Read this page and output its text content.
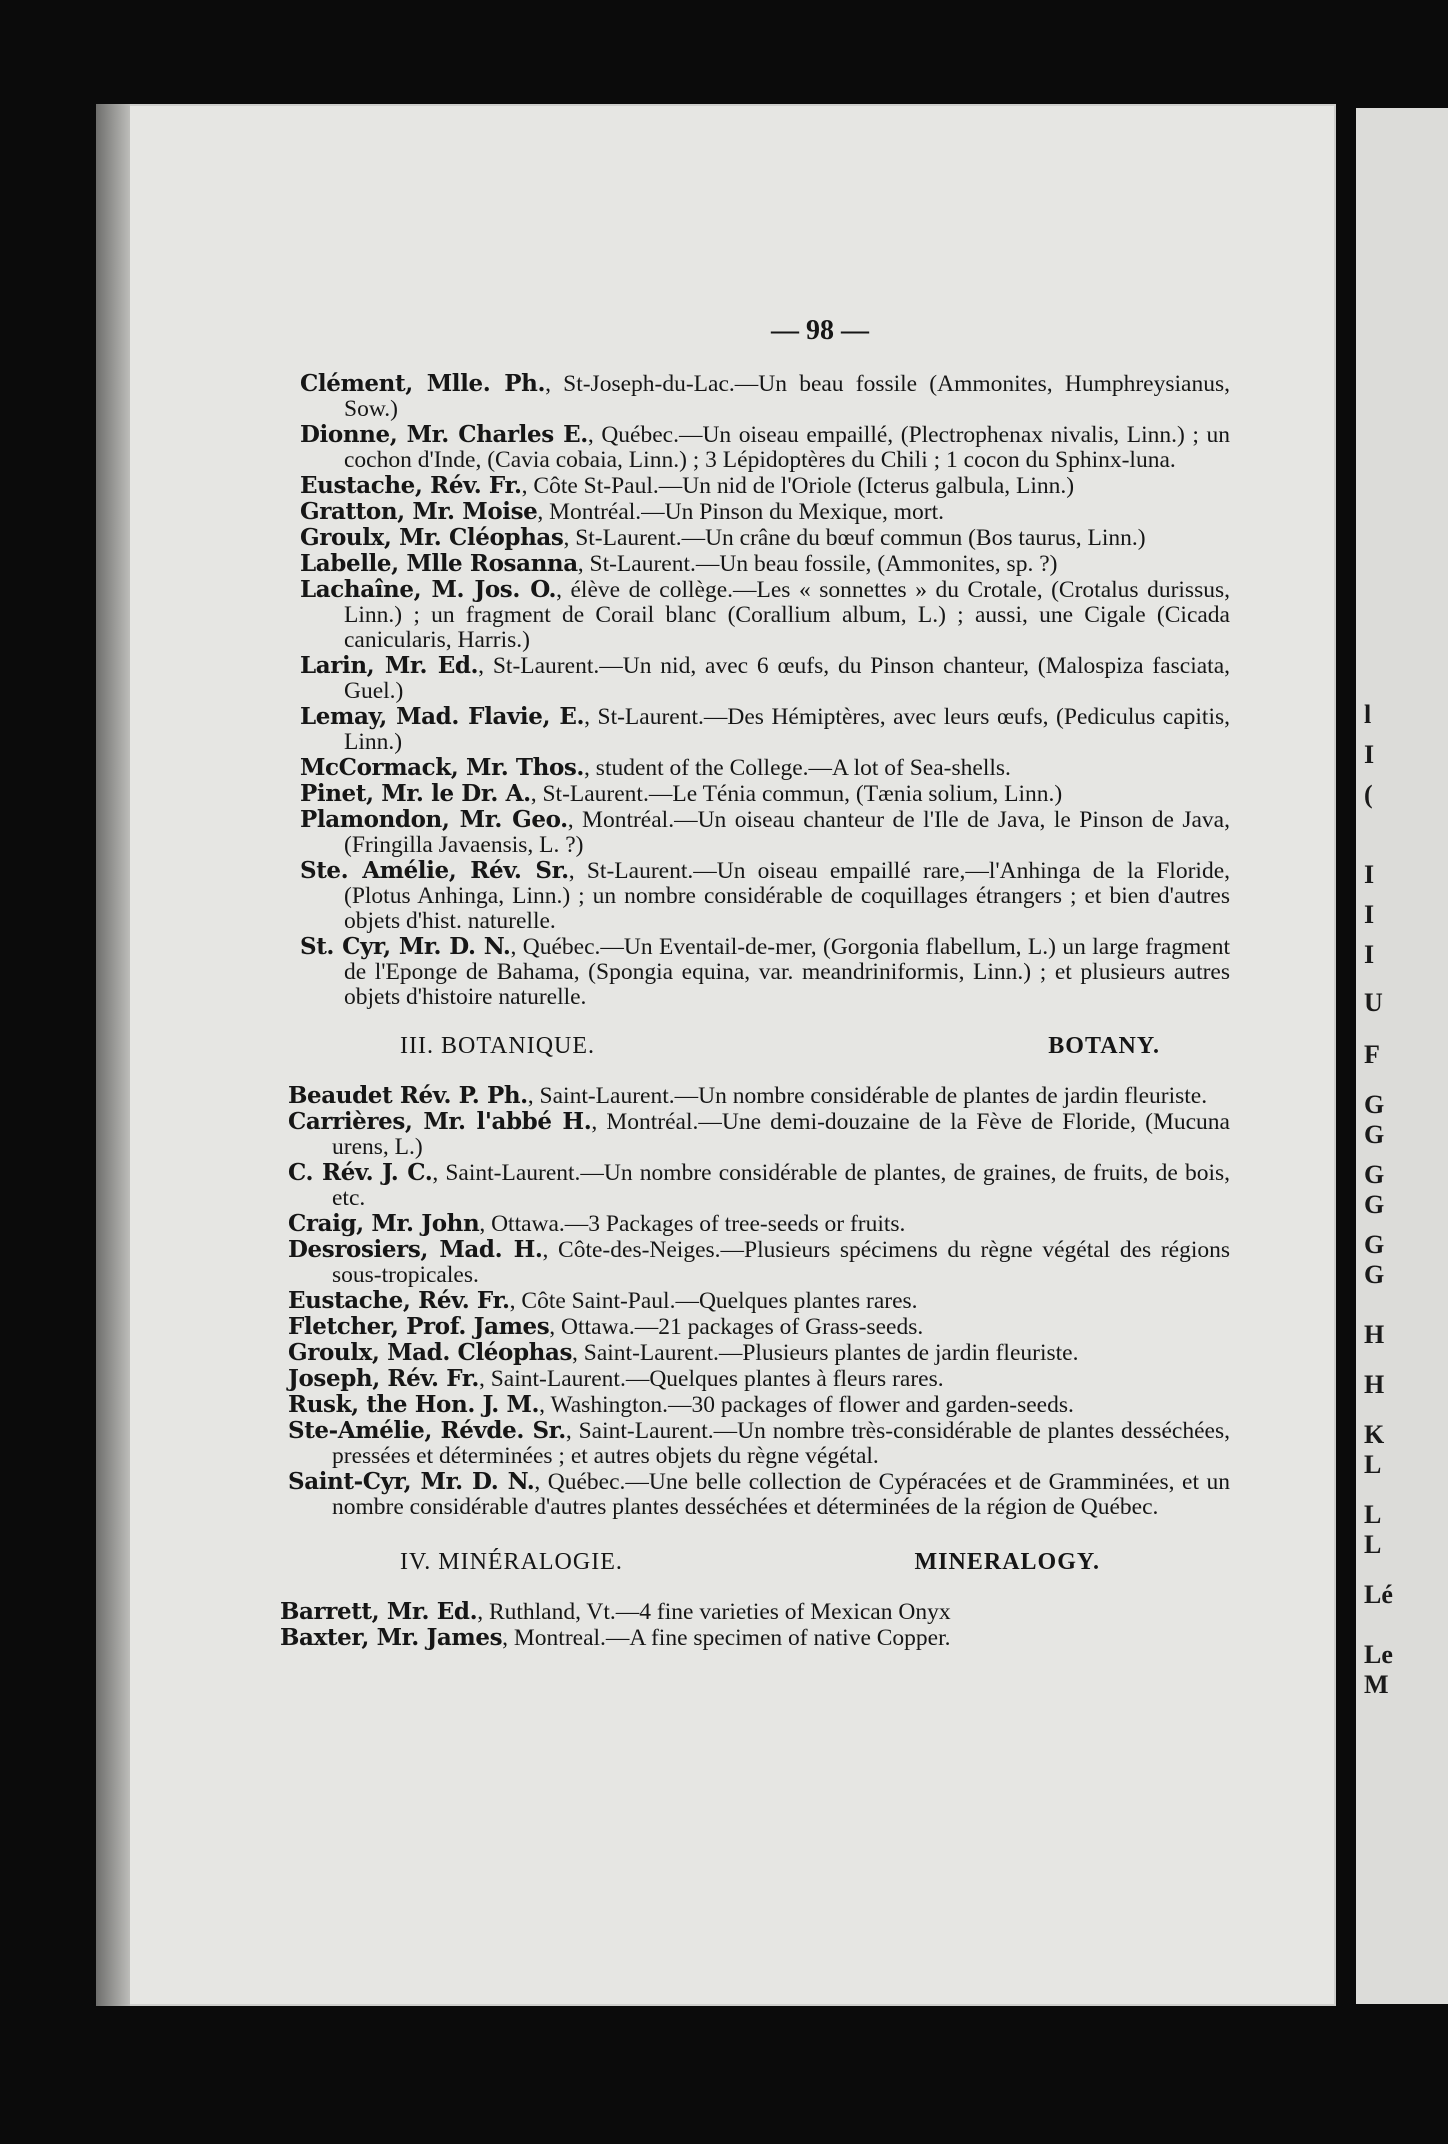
l
I
(
I
I
I
U
F
G
G
G
G
G
G
H
H
K
L
L
L
Lé
Le
M
— 98 —

Clément, Mlle. Ph., St-Joseph-du-Lac.—Un beau fossile (Ammonites, Humphreysianus, Sow.)

Dionne, Mr. Charles E., Québec.—Un oiseau empaillé, (Plectrophenax nivalis, Linn.) ; un cochon d'Inde, (Cavia cobaia, Linn.) ; 3 Lépidoptères du Chili ; 1 cocon du Sphinx-luna.

Eustache, Rév. Fr., Côte St-Paul.—Un nid de l'Oriole (Icterus galbula, Linn.)

Gratton, Mr. Moise, Montréal.—Un Pinson du Mexique, mort.

Groulx, Mr. Cléophas, St-Laurent.—Un crâne du bœuf commun (Bos taurus, Linn.)

Labelle, Mlle Rosanna, St-Laurent.—Un beau fossile, (Ammonites, sp. ?)

Lachaîne, M. Jos. O., élève de collège.—Les « sonnettes » du Crotale, (Crotalus durissus, Linn.) ; un fragment de Corail blanc (Corallium album, L.) ; aussi, une Cigale (Cicada canicularis, Harris.)

Larin, Mr. Ed., St-Laurent.—Un nid, avec 6 œufs, du Pinson chanteur, (Malospiza fasciata, Guel.)

Lemay, Mad. Flavie, E., St-Laurent.—Des Hémiptères, avec leurs œufs, (Pediculus capitis, Linn.)

McCormack, Mr. Thos., student of the College.—A lot of Sea-shells.

Pinet, Mr. le Dr. A., St-Laurent.—Le Ténia commun, (Tænia solium, Linn.)

Plamondon, Mr. Geo., Montréal.—Un oiseau chanteur de l'Ile de Java, le Pinson de Java, (Fringilla Javaensis, L. ?)

Ste. Amélie, Rév. Sr., St-Laurent.—Un oiseau empaillé rare,—l'Anhinga de la Floride, (Plotus Anhinga, Linn.) ; un nombre considérable de coquillages étrangers ; et bien d'autres objets d'hist. naturelle.

St. Cyr, Mr. D. N., Québec.—Un Eventail-de-mer, (Gorgonia flabellum, L.) un large fragment de l'Eponge de Bahama, (Spongia equina, var. meandriniformis, Linn.) ; et plusieurs autres objets d'histoire naturelle.

III. BOTANIQUE.	BOTANY.

Beaudet Rév. P. Ph., Saint-Laurent.—Un nombre considérable de plantes de jardin fleuriste.

Carrières, Mr. l'abbé H., Montréal.—Une demi-douzaine de la Fève de Floride, (Mucuna urens, L.)

C. Rév. J. C., Saint-Laurent.—Un nombre considérable de plantes, de graines, de fruits, de bois, etc.

Craig, Mr. John, Ottawa.—3 Packages of tree-seeds or fruits.

Desrosiers, Mad. H., Côte-des-Neiges.—Plusieurs spécimens du règne végétal des régions sous-tropicales.

Eustache, Rév. Fr., Côte Saint-Paul.—Quelques plantes rares.

Fletcher, Prof. James, Ottawa.—21 packages of Grass-seeds.

Groulx, Mad. Cléophas, Saint-Laurent.—Plusieurs plantes de jardin fleuriste.

Joseph, Rév. Fr., Saint-Laurent.—Quelques plantes à fleurs rares.

Rusk, the Hon. J. M., Washington.—30 packages of flower and garden-seeds.

Ste-Amélie, Révde. Sr., Saint-Laurent.—Un nombre très-considérable de plantes desséchées, pressées et déterminées ; et autres objets du règne végétal.

Saint-Cyr, Mr. D. N., Québec.—Une belle collection de Cypéracées et de Gramminées, et un nombre considérable d'autres plantes desséchées et déterminées de la région de Québec.

IV. MINÉRALOGIE.	MINERALOGY.

Barrett, Mr. Ed., Ruthland, Vt.—4 fine varieties of Mexican Onyx

Baxter, Mr. James, Montreal.—A fine specimen of native Copper.
